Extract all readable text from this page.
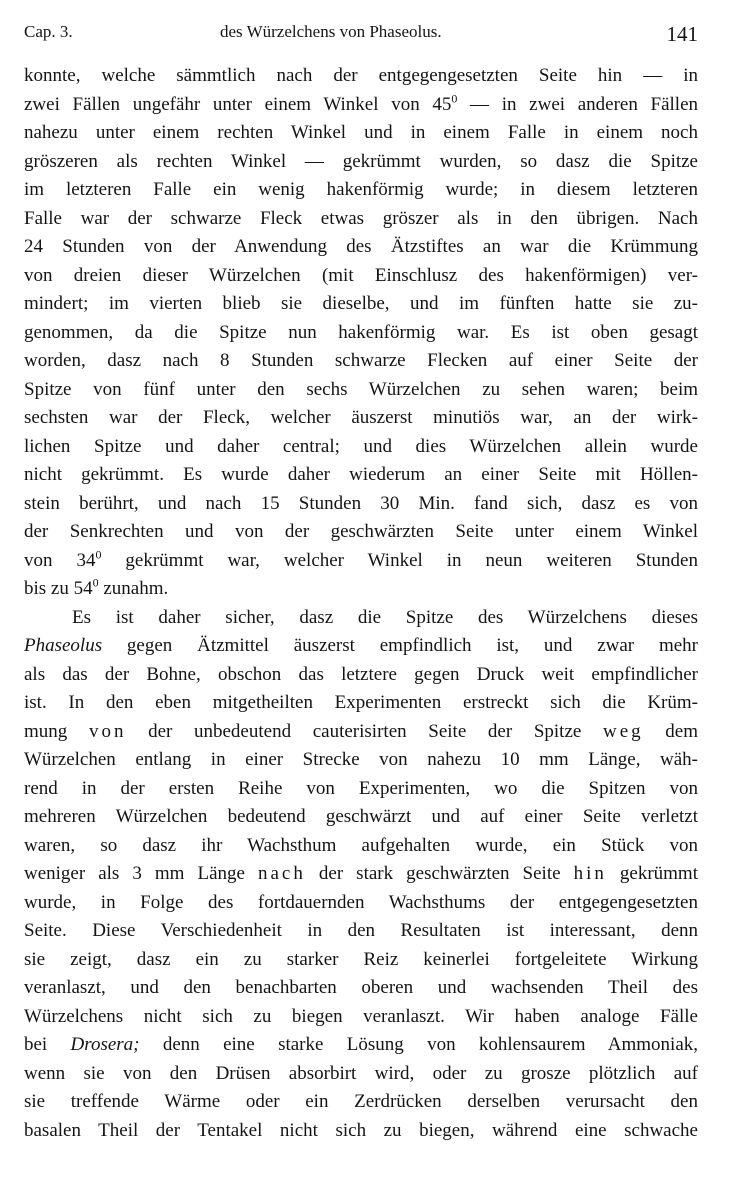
Cap. 3.	des Würzelchens von Phaseolus.	141
konnte, welche sämmtlich nach der entgegengesetzten Seite hin — in
zwei Fällen ungefähr unter einem Winkel von $45^0$ — in zwei anderen Fällen
nahezu unter einem rechten Winkel und in einem Falle in einem noch
gröszeren als rechten Winkel — gekrümmt wurden, so dasz die Spitze
im letzteren Falle ein wenig hakenförmig wurde; in diesem letzteren
Falle war der schwarze Fleck etwas gröszer als in den übrigen. Nach
24 Stunden von der Anwendung des Ätzstiftes an war die Krümmung
von dreien dieser Würzelchen (mit Einschlusz des hakenförmigen) ver-
mindert; im vierten blieb sie dieselbe, und im fünften hatte sie zu-
genommen, da die Spitze nun hakenförmig war. Es ist oben gesagt
worden, dasz nach 8 Stunden schwarze Flecken auf einer Seite der
Spitze von fünf unter den sechs Würzelchen zu sehen waren; beim
sechsten war der Fleck, welcher äuszerst minutiös war, an der wirk-
lichen Spitze und daher central; und dies Würzelchen allein wurde
nicht gekrümmt. Es wurde daher wiederum an einer Seite mit Höllen-
stein berührt, und nach 15 Stunden 30 Min. fand sich, dasz es von
der Senkrechten und von der geschwärzten Seite unter einem Winkel
von $34^0$ gekrümmt war, welcher Winkel in neun weiteren Stunden
bis zu $54^0$ zunahm.
Es ist daher sicher, dasz die Spitze des Würzelchens dieses
Phaseolus gegen Ätzmittel äuszerst empfindlich ist, und zwar mehr
als das der Bohne, obschon das letztere gegen Druck weit empfindlicher
ist. In den eben mitgetheilten Experimenten erstreckt sich die Krüm-
mung von der unbedeutend cauterisirten Seite der Spitze weg dem
Würzelchen entlang in einer Strecke von nahezu 10 mm Länge, wäh-
rend in der ersten Reihe von Experimenten, wo die Spitzen von
mehreren Würzelchen bedeutend geschwärzt und auf einer Seite verletzt
waren, so dasz ihr Wachsthum aufgehalten wurde, ein Stück von
weniger als 3 mm Länge nach der stark geschwärzten Seite hin gekrümmt
wurde, in Folge des fortdauernden Wachsthums der entgegengesetzten
Seite. Diese Verschiedenheit in den Resultaten ist interessant, denn
sie zeigt, dasz ein zu starker Reiz keinerlei fortgeleitete Wirkung
veranlaszt, und den benachbarten oberen und wachsenden Theil des
Würzelchens nicht sich zu biegen veranlaszt. Wir haben analoge Fälle
bei Drosera; denn eine starke Lösung von kohlensaurem Ammoniak,
wenn sie von den Drüsen absorbirt wird, oder zu grosze plötzlich auf
sie treffende Wärme oder ein Zerdrücken derselben verursacht den
basalen Theil der Tentakel nicht sich zu biegen, während eine schwache
